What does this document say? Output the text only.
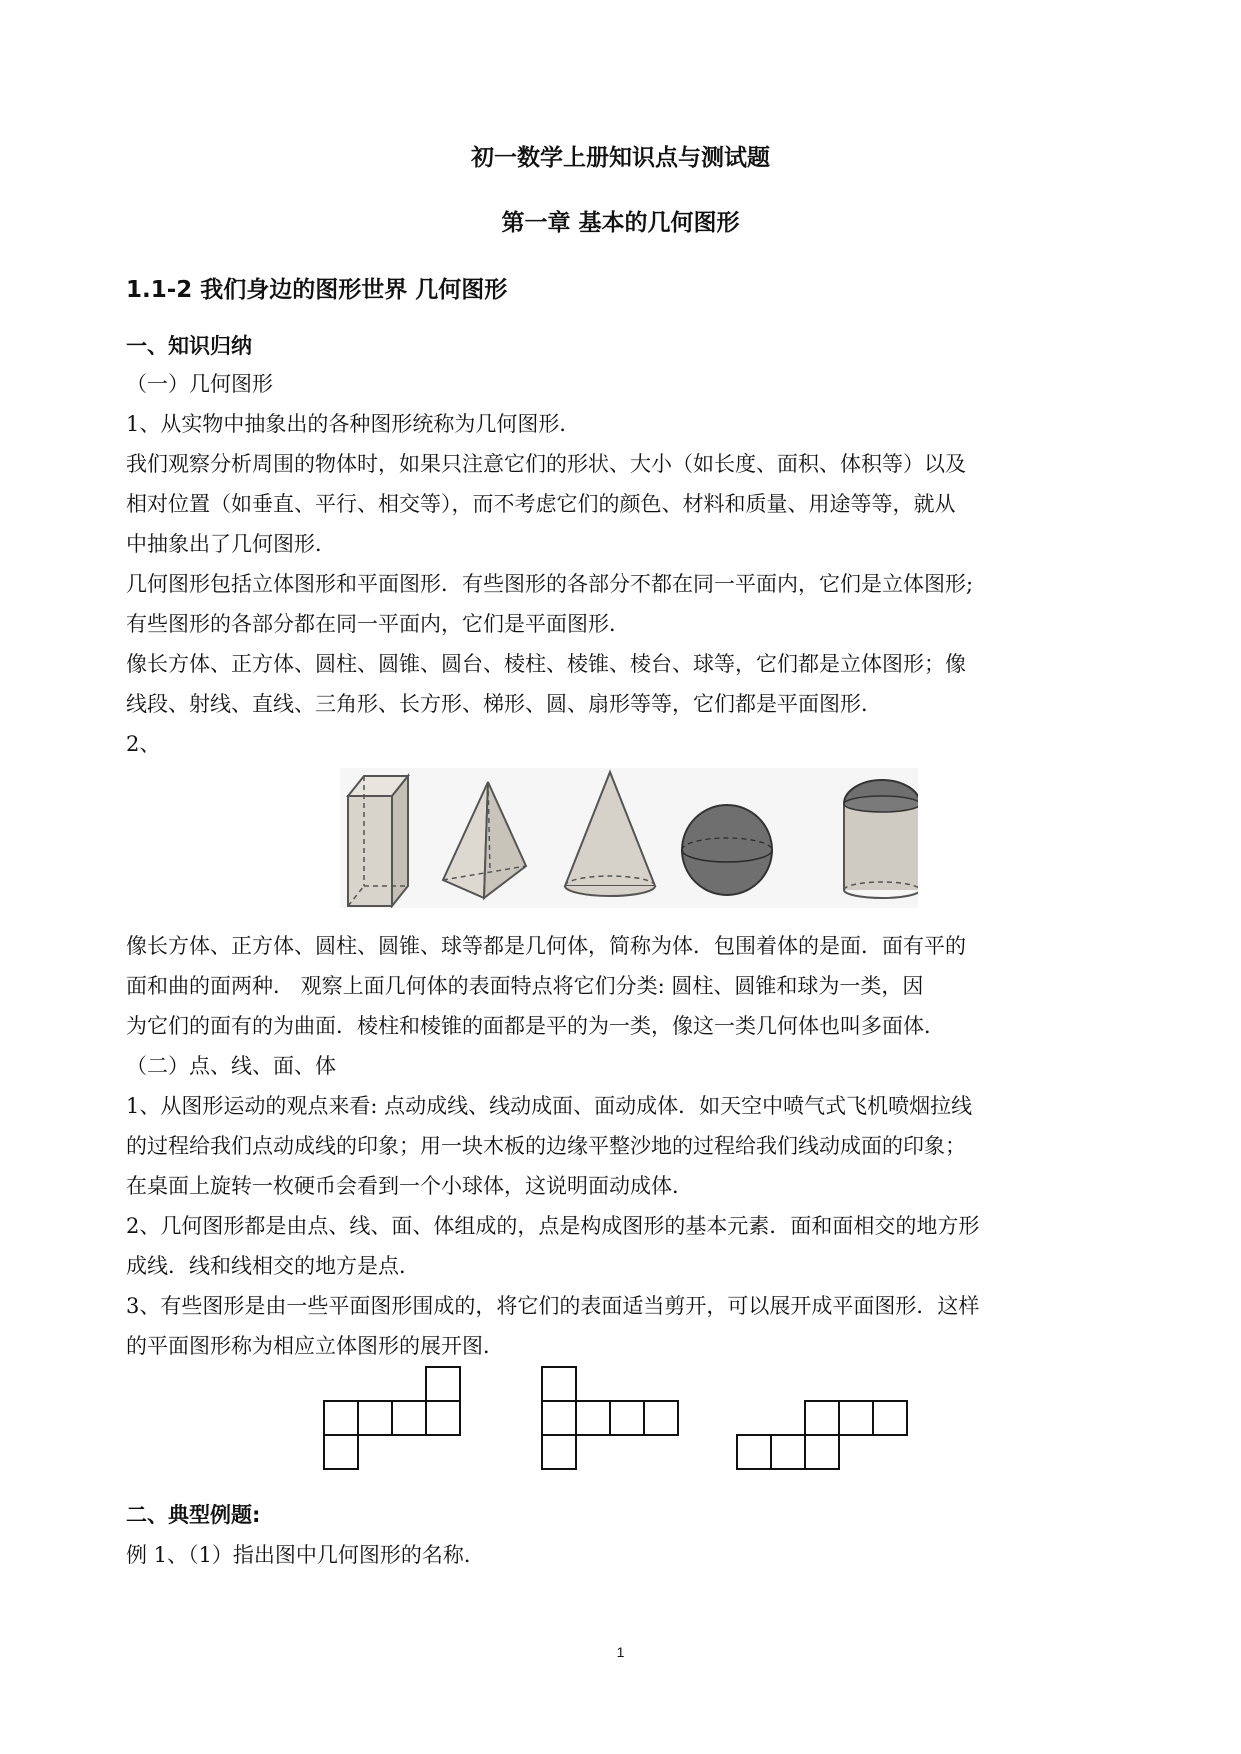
初一数学上册知识点与测试题
第一章 基本的几何图形
1.1-2 我们身边的图形世界 几何图形
一、知识归纳
（一）几何图形
1、从实物中抽象出的各种图形统称为几何图形．
我们观察分析周围的物体时，如果只注意它们的形状、大小（如长度、面积、体积等）以及
相对位置（如垂直、平行、相交等），而不考虑它们的颜色、材料和质量、用途等等，就从
中抽象出了几何图形．
几何图形包括立体图形和平面图形．有些图形的各部分不都在同一平面内，它们是立体图形;
有些图形的各部分都在同一平面内，它们是平面图形．
像长方体、正方体、圆柱、圆锥、圆台、棱柱、棱锥、棱台、球等，它们都是立体图形；像
线段、射线、直线、三角形、长方形、梯形、圆、扇形等等，它们都是平面图形．
2、
像长方体、正方体、圆柱、圆锥、球等都是几何体，简称为体．包围着体的是面．面有平的
面和曲的面两种． 观察上面几何体的表面特点将它们分类: 圆柱、圆锥和球为一类，因
为它们的面有的为曲面．棱柱和棱锥的面都是平的为一类，像这一类几何体也叫多面体．
（二）点、线、面、体
1、从图形运动的观点来看: 点动成线、线动成面、面动成体．如天空中喷气式飞机喷烟拉线
的过程给我们点动成线的印象；用一块木板的边缘平整沙地的过程给我们线动成面的印象；
在桌面上旋转一枚硬币会看到一个小球体，这说明面动成体．
2、几何图形都是由点、线、面、体组成的，点是构成图形的基本元素．面和面相交的地方形
成线．线和线相交的地方是点．
3、有些图形是由一些平面图形围成的，将它们的表面适当剪开，可以展开成平面图形．这样
的平面图形称为相应立体图形的展开图．
二、典型例题:
例 1、（1）指出图中几何图形的名称．
1
